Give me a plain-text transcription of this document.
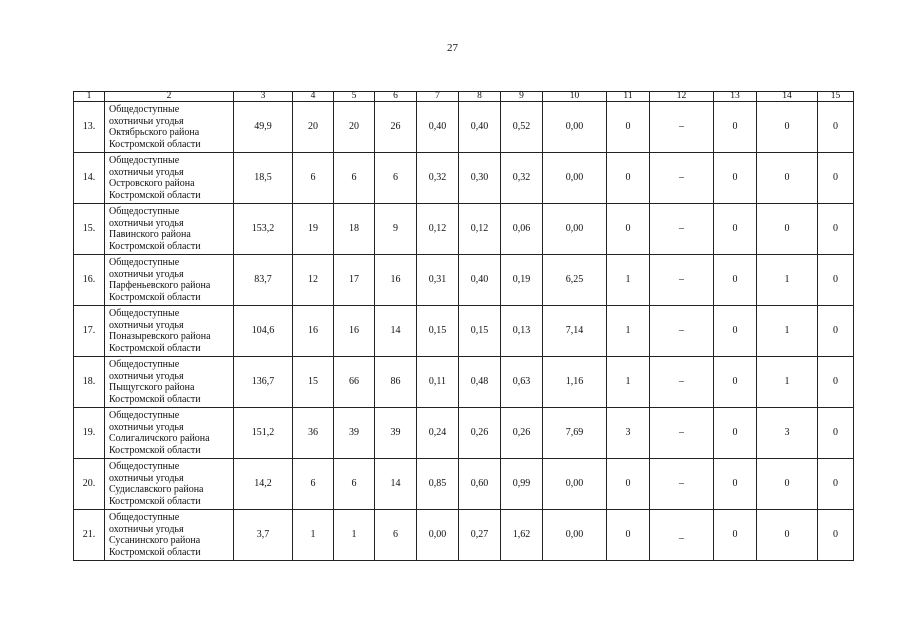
27
1	2	3	4	5	6	7	8	9	10	11	12	13	14	15
13.	Общедоступные
охотничьи угодья
Октябрьского района
Костромской области	49,9	20	20	26	0,40	0,40	0,52	0,00	0	–	0	0	0
14.	Общедоступные
охотничьи угодья
Островского района
Костромской области	18,5	6	6	6	0,32	0,30	0,32	0,00	0	–	0	0	0
15.	Общедоступные
охотничьи угодья
Павинского района
Костромской области	153,2	19	18	9	0,12	0,12	0,06	0,00	0	–	0	0	0
16.	Общедоступные
охотничьи угодья
Парфеньевского района
Костромской области	83,7	12	17	16	0,31	0,40	0,19	6,25	1	–	0	1	0
17.	Общедоступные
охотничьи угодья
Поназыревского района
Костромской области	104,6	16	16	14	0,15	0,15	0,13	7,14	1	–	0	1	0
18.	Общедоступные
охотничьи угодья
Пыщугского района
Костромской области	136,7	15	66	86	0,11	0,48	0,63	1,16	1	–	0	1	0
19.	Общедоступные
охотничьи угодья
Солигаличского района
Костромской области	151,2	36	39	39	0,24	0,26	0,26	7,69	3	–	0	3	0
20.	Общедоступные
охотничьи угодья
Судиславского района
Костромской области	14,2	6	6	14	0,85	0,60	0,99	0,00	0	–	0	0	0
21.	Общедоступные
охотничьи угодья
Сусанинского района
Костромской области	3,7	1	1	6	0,00	0,27	1,62	0,00	0	_	0	0	0
